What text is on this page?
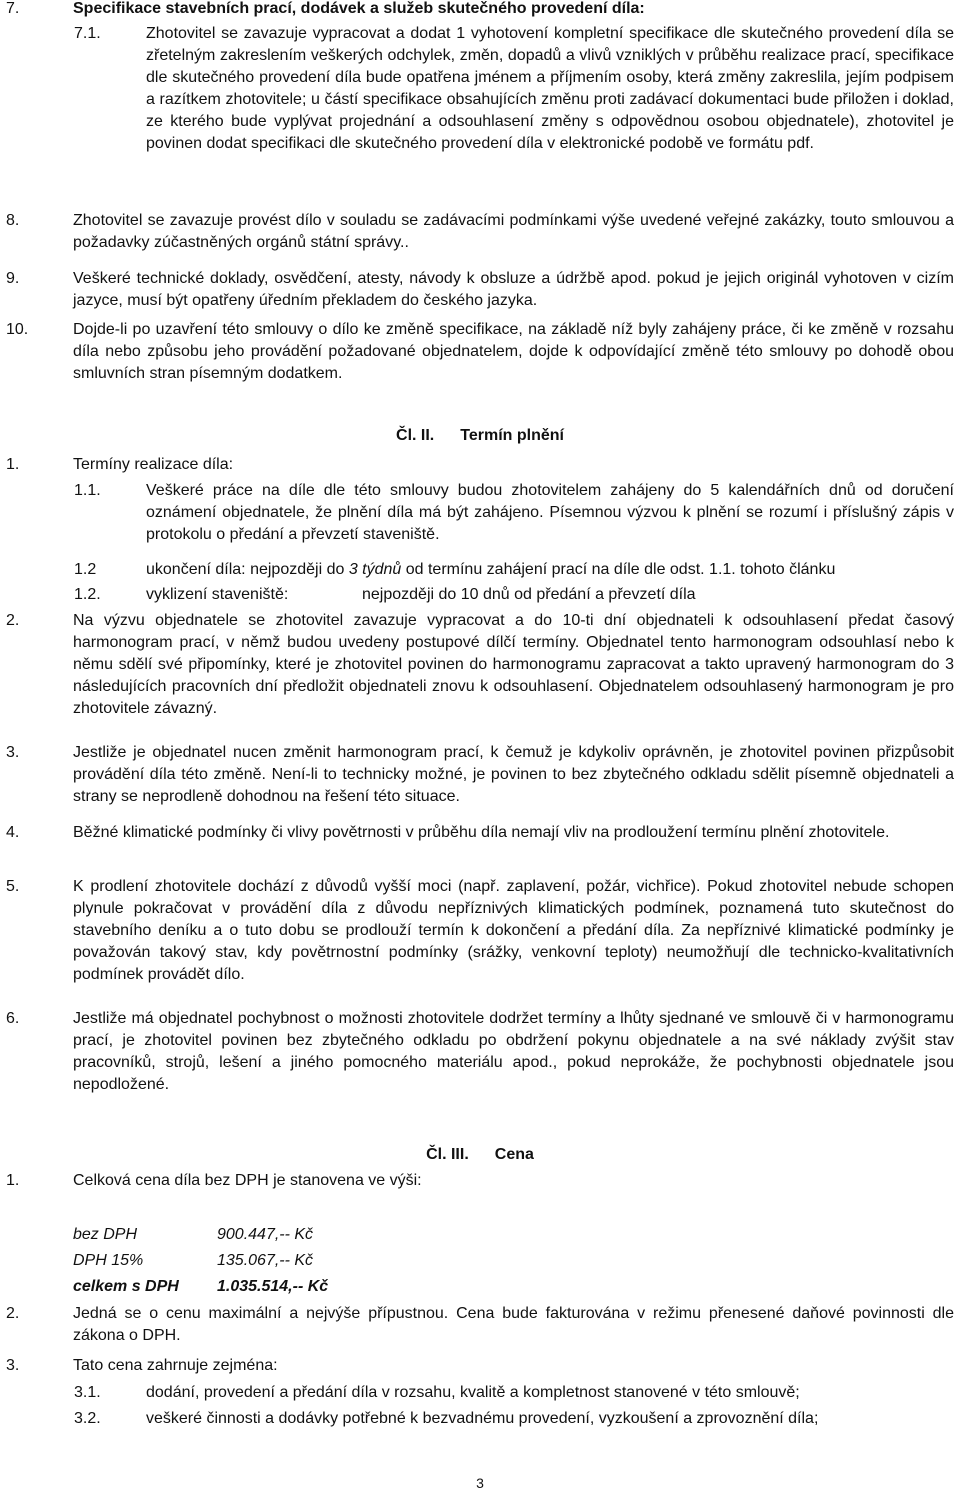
7.	Specifikace stavebních prací, dodávek a služeb skutečného provedení díla:
7.1.	Zhotovitel se zavazuje vypracovat a dodat 1 vyhotovení kompletní specifikace dle skutečného provedení díla se zřetelným zakreslením veškerých odchylek, změn, dopadů a vlivů vzniklých v průběhu realizace prací, specifikace dle skutečného provedení díla bude opatřena jménem a příjmením osoby, která změny zakreslila, jejím podpisem a razítkem zhotovitele; u částí specifikace obsahujících změnu proti zadávací dokumentaci bude přiložen i doklad, ze kterého bude vyplývat projednání a odsouhlasení změny s odpovědnou osobou objednatele), zhotovitel je povinen dodat specifikaci dle skutečného provedení díla v elektronické podobě ve formátu pdf.
8.	Zhotovitel se zavazuje provést dílo v souladu se zadávacími podmínkami výše uvedené veřejné zakázky, touto smlouvou a požadavky zúčastněných orgánů státní správy..
9.	Veškeré technické doklady, osvědčení, atesty, návody k obsluze a údržbě apod. pokud je jejich originál vyhotoven v cizím jazyce, musí být opatřeny úředním překladem do českého jazyka.
10.	Dojde-li po uzavření této smlouvy o dílo ke změně specifikace, na základě níž byly zahájeny práce, či ke změně v rozsahu díla nebo způsobu jeho provádění požadované objednatelem, dojde k odpovídající změně této smlouvy po dohodě obou smluvních stran písemným dodatkem.
Čl. II. Termín plnění
1.	Termíny realizace díla:
1.1.	Veškeré práce na díle dle této smlouvy budou zhotovitelem zahájeny do 5 kalendářních dnů od doručení oznámení objednatele, že plnění díla má být zahájeno. Písemnou výzvou k plnění se rozumí i příslušný zápis v protokolu o předání a převzetí staveniště.
1.2	ukončení díla: nejpozději do 3 týdnů od termínu zahájení prací na díle dle odst. 1.1. tohoto článku
1.2.	vyklizení staveniště:	nejpozději do 10 dnů od předání a převzetí díla
2.	Na výzvu objednatele se zhotovitel zavazuje vypracovat a do 10-ti dní objednateli k odsouhlasení předat časový harmonogram prací, v němž budou uvedeny postupové dílčí termíny. Objednatel tento harmonogram odsouhlasí nebo k němu sdělí své připomínky, které je zhotovitel povinen do harmonogramu zapracovat a takto upravený harmonogram do 3 následujících pracovních dní předložit objednateli znovu k odsouhlasení. Objednatelem odsouhlasený harmonogram je pro zhotovitele závazný.
3.	Jestliže je objednatel nucen změnit harmonogram prací, k čemuž je kdykoliv oprávněn, je zhotovitel povinen přizpůsobit provádění díla této změně. Není-li to technicky možné, je povinen to bez zbytečného odkladu sdělit písemně objednateli a strany se neprodleně dohodnou na řešení této situace.
4.	Běžné klimatické podmínky či vlivy povětrnosti v průběhu díla nemají vliv na prodloužení termínu plnění zhotovitele.
5.	K prodlení zhotovitele dochází z důvodů vyšší moci (např. zaplavení, požár, vichřice). Pokud zhotovitel nebude schopen plynule pokračovat v provádění díla z důvodu nepříznivých klimatických podmínek, poznamená tuto skutečnost do stavebního deníku a o tuto dobu se prodlouží termín k dokončení a předání díla. Za nepříznivé klimatické podmínky je považován takový stav, kdy povětrnostní podmínky (srážky, venkovní teploty) neumožňují dle technicko-kvalitativních podmínek provádět dílo.
6.	Jestliže má objednatel pochybnost o možnosti zhotovitele dodržet termíny a lhůty sjednané ve smlouvě či v harmonogramu prací, je zhotovitel povinen bez zbytečného odkladu po obdržení pokynu objednatele a na své náklady zvýšit stav pracovníků, strojů, lešení a jiného pomocného materiálu apod., pokud neprokáže, že pochybnosti objednatele jsou nepodložené.
Čl. III. Cena
1.	Celková cena díla bez DPH je stanovena ve výši:
bez DPH	900.447,-- Kč
DPH 15%	135.067,-- Kč
celkem s DPH 1.035.514,-- Kč
2.	Jedná se o cenu maximální a nejvýše přípustnou. Cena bude fakturována v režimu přenesené daňové povinnosti dle zákona o DPH.
3.	Tato cena zahrnuje zejména:
3.1.	dodání, provedení a předání díla v rozsahu, kvalitě a kompletnost stanovené v této smlouvě;
3.2.	veškeré činnosti a dodávky potřebné k bezvadnému provedení, vyzkoušení a zprovoznění díla;
3
